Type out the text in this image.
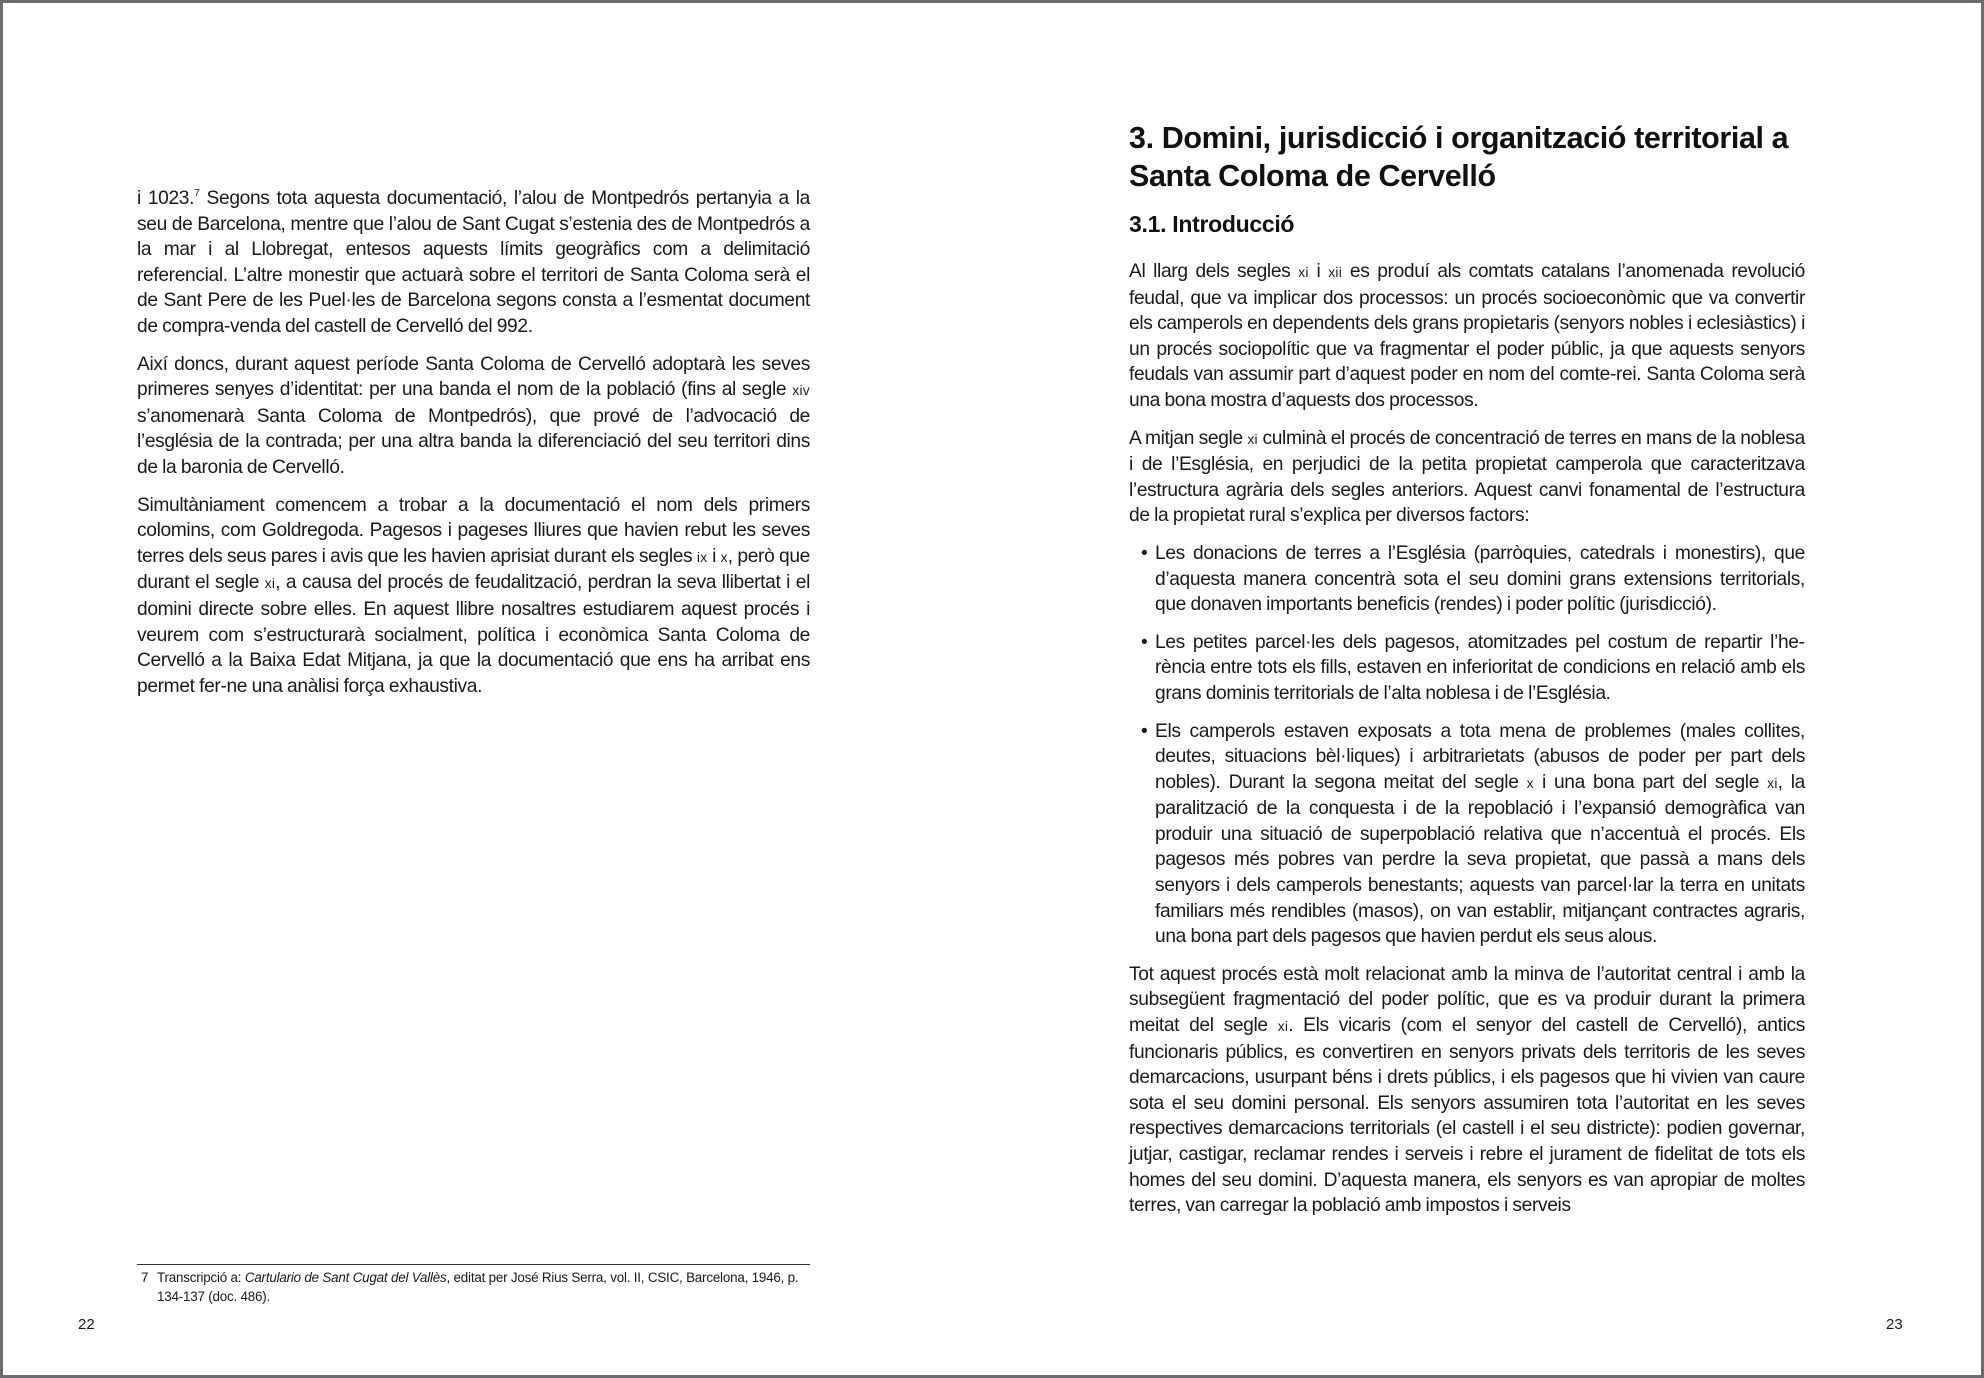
i 1023.$^7$ Segons tota aquesta documentació, l’alou de Montpedrós pertanyia a la seu de Barcelona, mentre que l’alou de Sant Cugat s’estenia des de Montpedrós a la mar i al Llobregat, entesos aquests límits geogràfics com a delimitació referencial. L’altre monestir que actuarà sobre el territori de Santa Coloma serà el de Sant Pere de les Puel·les de Barcelona segons consta a l’esmentat document de compra-venda del castell de Cervelló del 992.

Així doncs, durant aquest període Santa Coloma de Cervelló adoptarà les seves primeres senyes d’identitat: per una banda el nom de la població (fins al segle xiv s’anomenarà Santa Coloma de Montpedrós), que prové de l’advocació de l’església de la contrada; per una altra banda la diferenciació del seu territori dins de la baronia de Cervelló.

Simultàniament comencem a trobar a la documentació el nom dels primers colomins, com Goldregoda. Pagesos i pageses lliures que havien rebut les seves terres dels seus pares i avis que les havien aprisiat durant els segles ix i x, però que durant el segle xi, a causa del procés de feudalització, perdran la seva llibertat i el domini directe sobre elles. En aquest llibre nosaltres estudiarem aquest procés i veurem com s’estructurarà socialment, política i econòmica Santa Coloma de Cervelló a la Baixa Edat Mitjana, ja que la documentació que ens ha arribat ens permet fer-ne una anàlisi força exhaustiva.

7 Transcripció a: Cartulario de Sant Cugat del Vallès, editat per José Rius Serra, vol. II, CSIC, Barcelona, 1946, p. 134-137 (doc. 486).
22
3. Domini, jurisdicció i organització territorial a Santa Coloma de Cervelló
3.1. Introducció

Al llarg dels segles xi i xii es produí als comtats catalans l’anomenada revolució feudal, que va implicar dos processos: un procés socioeconòmic que va convertir els camperols en dependents dels grans propietaris (senyors nobles i eclesiàstics) i un procés sociopolític que va fragmentar el poder públic, ja que aquests senyors feudals van assumir part d’aquest poder en nom del comte-rei. Santa Coloma serà una bona mostra d’aquests dos processos.

A mitjan segle xi culminà el procés de concentració de terres en mans de la noblesa i de l’Església, en perjudici de la petita propietat camperola que caracteritzava l’estructura agrària dels segles anteriors. Aquest canvi fonamental de l’estructura de la propietat rural s’explica per diversos factors:

• Les donacions de terres a l’Església (parròquies, catedrals i monestirs), que d’aquesta manera concentrà sota el seu domini grans extensions territorials, que donaven importants beneficis (rendes) i poder polític (jurisdicció).
• Les petites parcel·les dels pagesos, atomitzades pel costum de repartir l’herència entre tots els fills, estaven en inferioritat de condicions en relació amb els grans dominis territorials de l’alta noblesa i de l’Església.
• Els camperols estaven exposats a tota mena de problemes (males collites, deutes, situacions bèl·liques) i arbitrarietats (abusos de poder per part dels nobles). Durant la segona meitat del segle x i una bona part del segle xi, la paralització de la conquesta i de la repoblació i l’expansió demogràfica van produir una situació de superpoblació relativa que n’accentuà el procés. Els pagesos més pobres van perdre la seva propietat, que passà a mans dels senyors i dels camperols benestants; aquests van parcel·lar la terra en unitats familiars més rendibles (masos), on van establir, mitjançant contractes agraris, una bona part dels pagesos que havien perdut els seus alous.

Tot aquest procés està molt relacionat amb la minva de l’autoritat central i amb la subsegüent fragmentació del poder polític, que es va produir durant la primera meitat del segle xi. Els vicaris (com el senyor del castell de Cervelló), antics funcionaris públics, es convertiren en senyors privats dels territoris de les seves demarcacions, usurpant béns i drets públics, i els pagesos que hi vivien van caure sota el seu domini personal. Els senyors assumiren tota l’autoritat en les seves respectives demarcacions territorials (el castell i el seu districte): podien governar, jutjar, castigar, reclamar rendes i serveis i rebre el jurament de fidelitat de tots els homes del seu domini. D’aquesta manera, els senyors es van apropiar de moltes terres, van carregar la població amb impostos i serveis

23
